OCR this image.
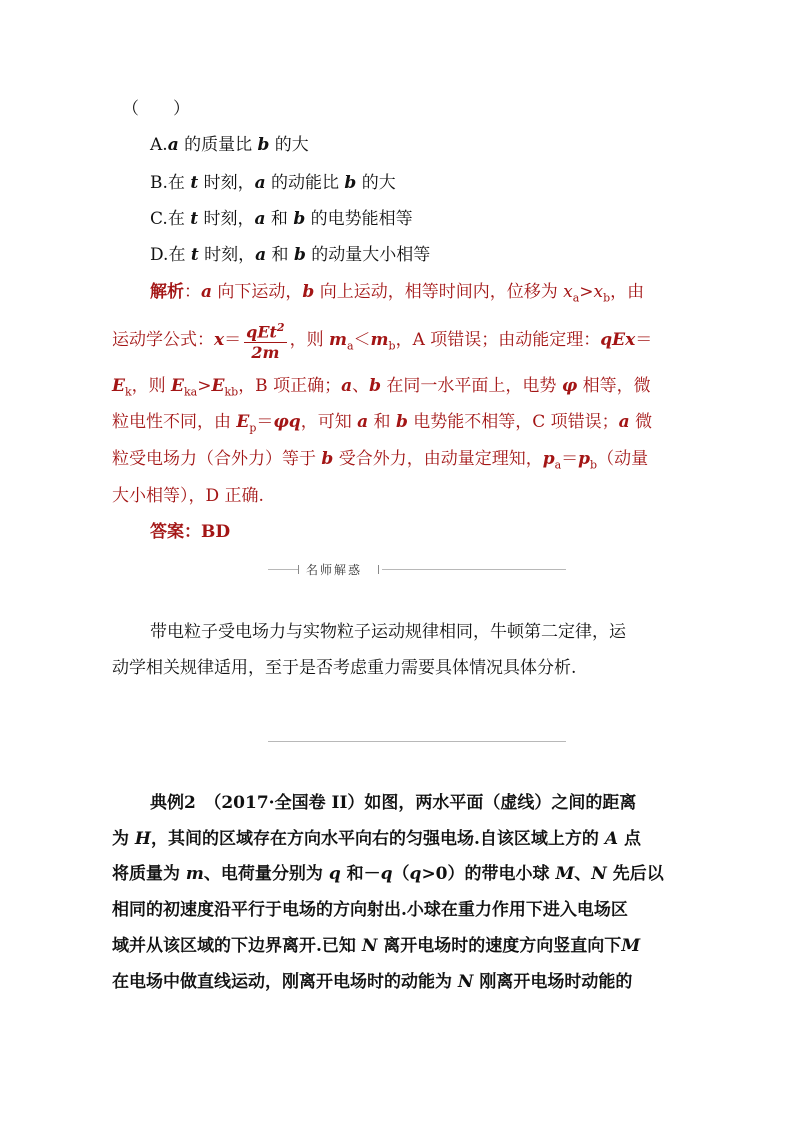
（　　）
A.a 的质量比 b 的大
B.在 t 时刻，a 的动能比 b 的大
C.在 t 时刻，a 和 b 的电势能相等
D.在 t 时刻，a 和 b 的动量大小相等
解析：a 向下运动，b 向上运动，相等时间内，位移为 $x_a>x_b$，由
运动学公式：$x= \frac{qEt^2}{2m}$ ，则 $m_a<m_b$，A 项错误；由动能定理：qEx＝
$E_k$，则 $E_{ka}>E_{kb}$，B 项正确；a、b 在同一水平面上，电势 φ 相等，微
粒电性不同，由 $E_p=\varphi q$，可知 a 和 b 电势能不相等，C 项错误；a 微
粒受电场力（合外力）等于 b 受合外力，由动量定理知，$p_a=p_b$（动量
大小相等），D 正确.
答案：BD
名师解惑
带电粒子受电场力与实物粒子运动规律相同，牛顿第二定律，运
动学相关规律适用，至于是否考虑重力需要具体情况具体分析.
典例2　（2017·全国卷 II）如图，两水平面（虚线）之间的距离
为 H，其间的区域存在方向水平向右的匀强电场.自该区域上方的 A 点
将质量为 m、电荷量分别为 q 和－q（q>0）的带电小球 M、N 先后以
相同的初速度沿平行于电场的方向射出.小球在重力作用下进入电场区
域并从该区域的下边界离开.已知 N 离开电场时的速度方向竖直向下M
在电场中做直线运动，刚离开电场时的动能为 N 刚离开电场时动能的
